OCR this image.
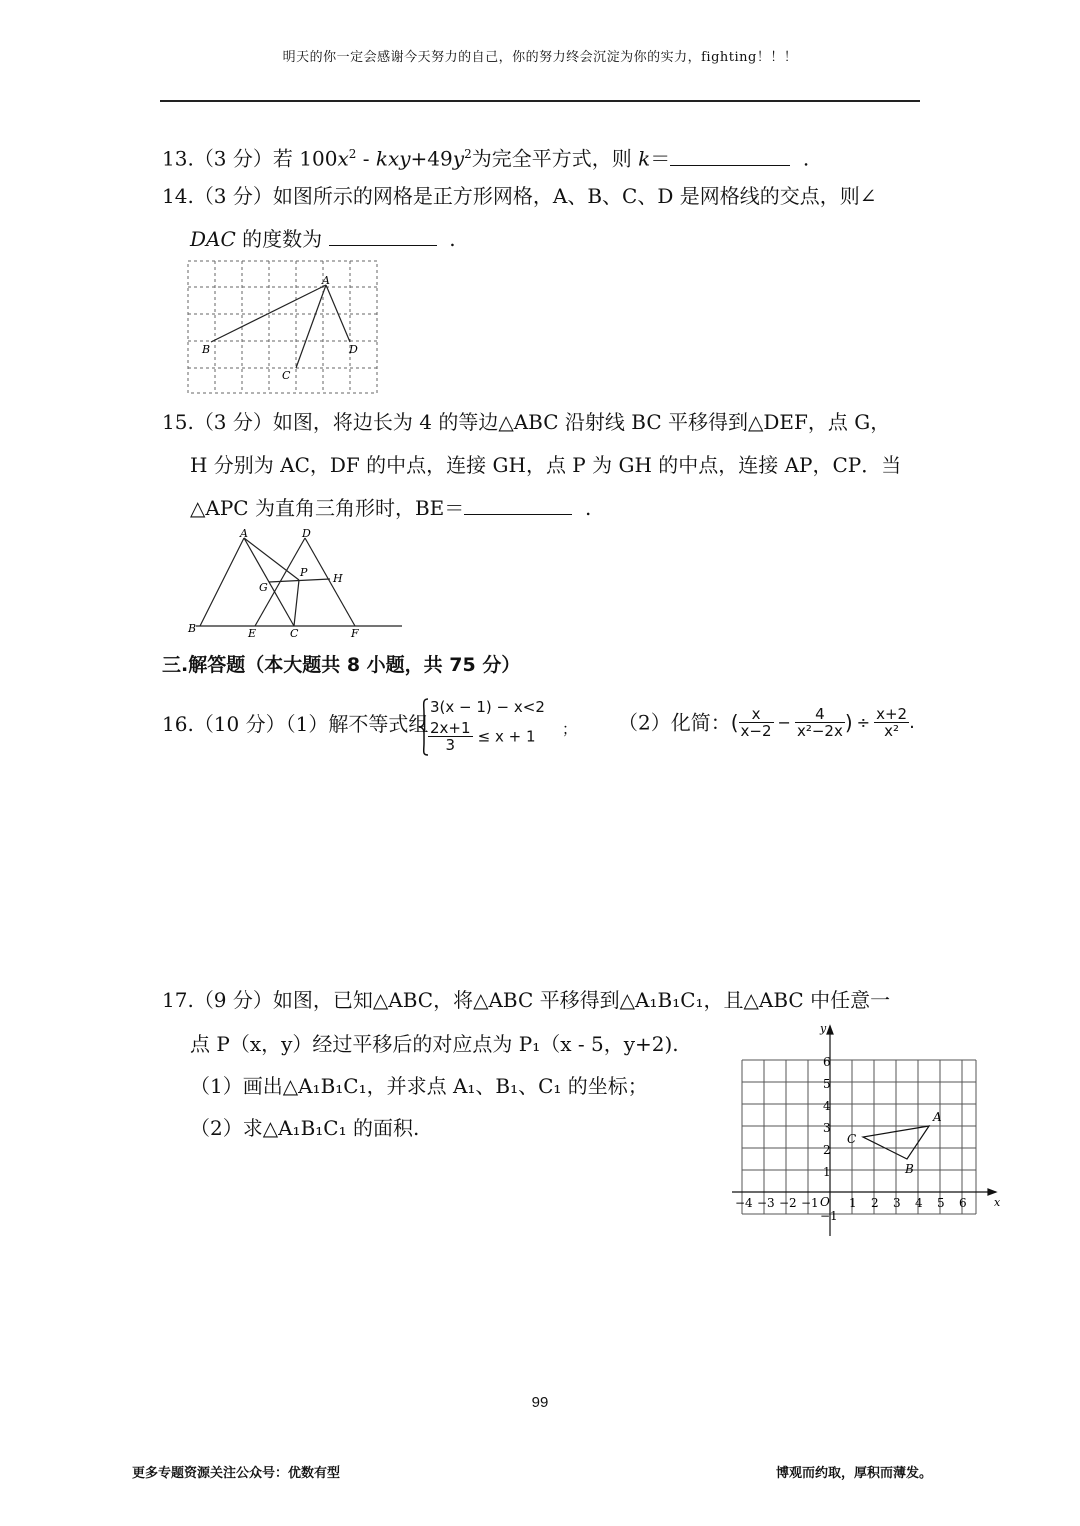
明天的你一定会感谢今天努力的自己，你的努力终会沉淀为你的实力，fighting！！！
13.（3 分）若 $100x^2 - kxy+49y^2$为完全平方式，则 k＝	.
14.（3 分）如图所示的网格是正方形网格，A、B、C、D 是网格线的交点，则∠
DAC 的度数为	.
A
B
C
D
15.（3 分）如图，将边长为 4 的等边△ABC 沿射线 BC 平移得到△DEF，点 G，
H 分别为 AC，DF 的中点，连接 GH，点 P 为 GH 的中点，连接 AP，CP．当
△APC 为直角三角形时，BE＝	.
A	D
G
P H
B	E	C	F
三.解答题（本大题共 8 小题，共 75 分）
16.（10 分）（1）解不等式组
3(x − 1) − x<2
$\frac{2x+1}{3} \le x + 1$ ； （2）化简：( $\frac{x}{x-2} - \frac{4}{\text{x²−2x}}$ ) ÷ $\frac{x+2}{\text{x²}}$ .
17.（9 分）如图，已知△ABC，将△ABC 平移得到△A₁B₁C₁，且△ABC 中任意一
点 P（x，y）经过平移后的对应点为 P₁（x - 5，y+2).
（1）画出△A₁B₁C₁，并求点 A₁、B₁、C₁ 的坐标；
（2）求△A₁B₁C₁ 的面积.
x
y
O
−4 −3 −2 −1	1 2 3 4 5 6
6
5
4
3
2
1
−1
A
B
C
99
更多专题资源关注公众号：优数有型	博观而约取，厚积而薄发。
